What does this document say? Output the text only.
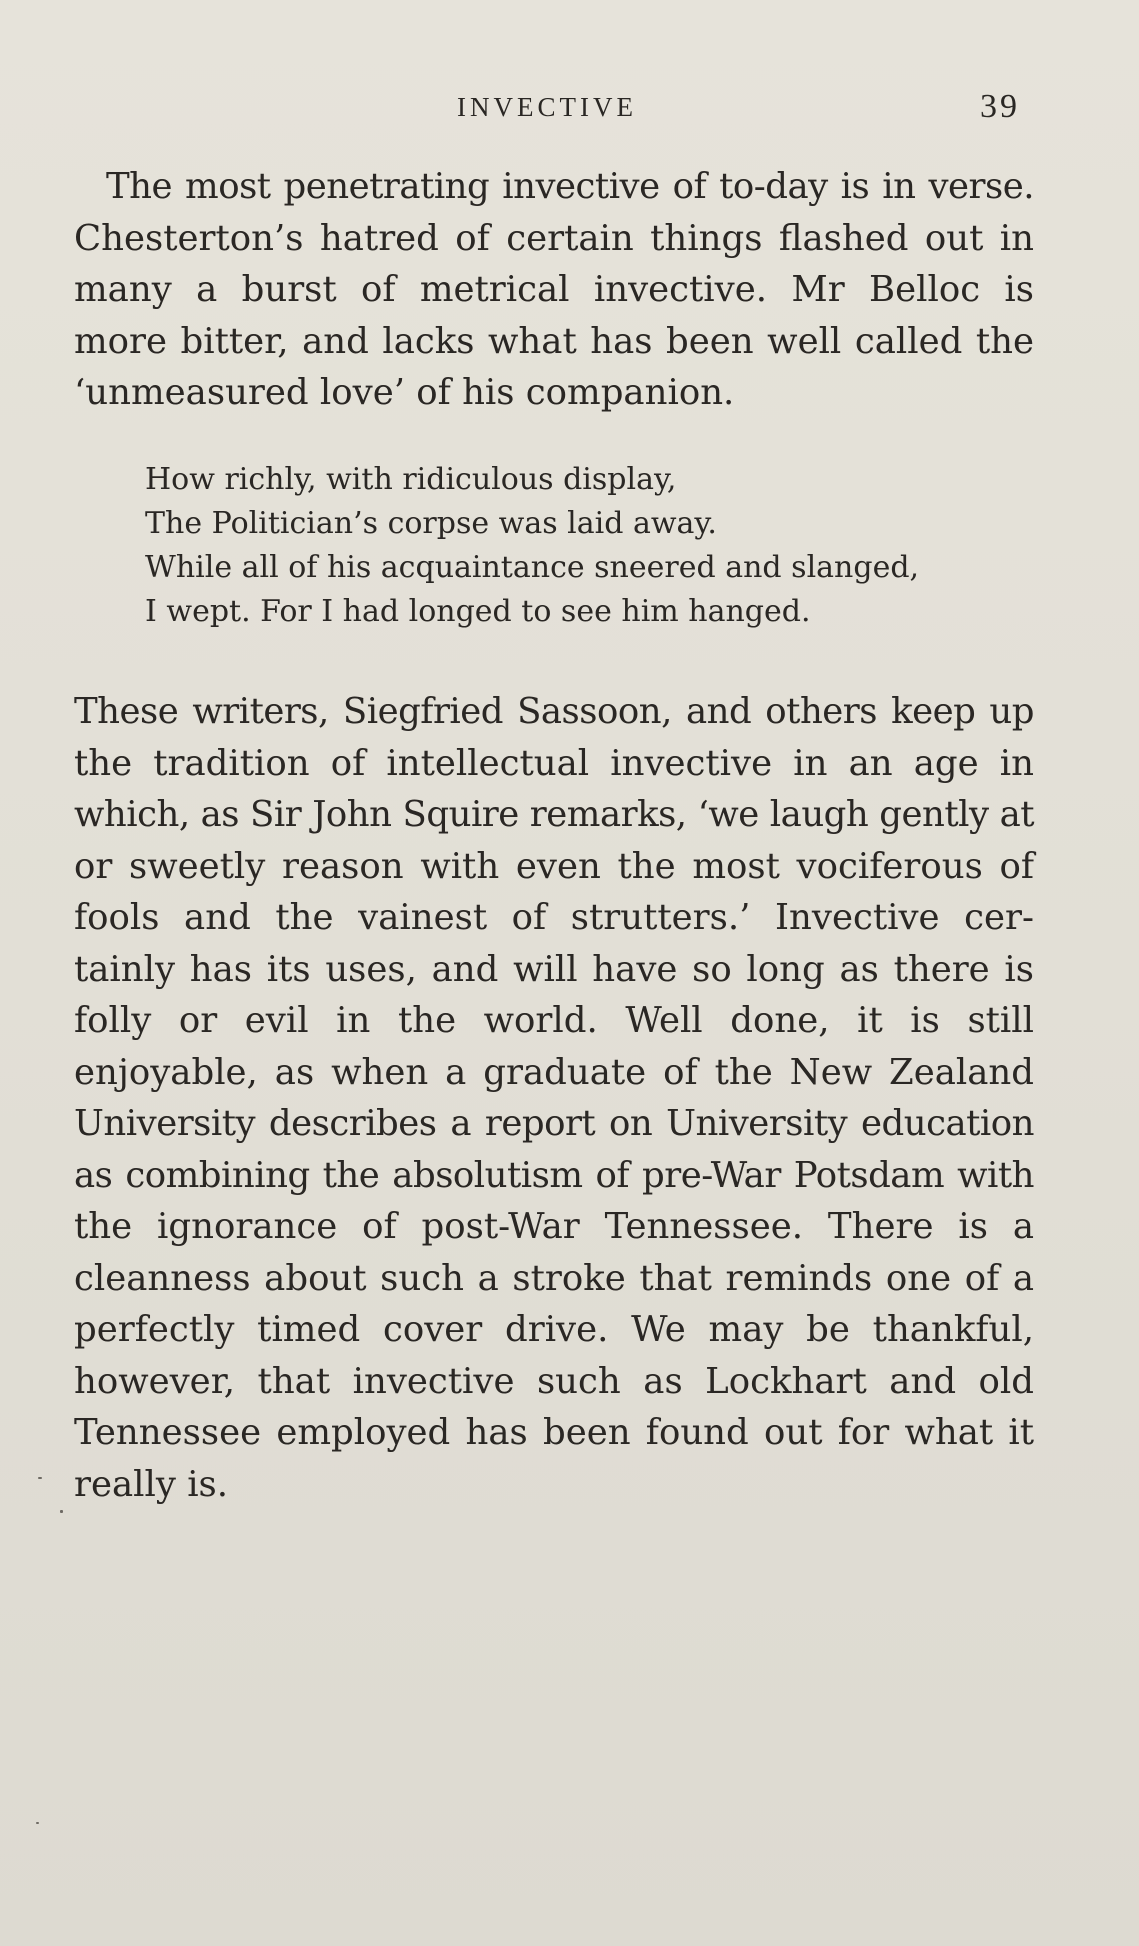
INVECTIVE	39
The most penetrating invective of to-day is in verse.
Chesterton’s hatred of certain things flashed out in
many a burst of metrical invective. Mr Belloc is
more bitter, and lacks what has been well called the
‘unmeasured love’ of his companion.
How richly, with ridiculous display,
The Politician’s corpse was laid away.
While all of his acquaintance sneered and slanged,
I wept. For I had longed to see him hanged.
These writers, Siegfried Sassoon, and others keep up
the tradition of intellectual invective in an age in
which, as Sir John Squire remarks, ‘we laugh gently at
or sweetly reason with even the most vociferous of
fools and the vainest of strutters.’ Invective cer-
tainly has its uses, and will have so long as there is
folly or evil in the world. Well done, it is still
enjoyable, as when a graduate of the New Zealand
University describes a report on University education
as combining the absolutism of pre-War Potsdam with
the ignorance of post-War Tennessee. There is a
cleanness about such a stroke that reminds one of a
perfectly timed cover drive. We may be thankful,
however, that invective such as Lockhart and old
Tennessee employed has been found out for what it
really is.
